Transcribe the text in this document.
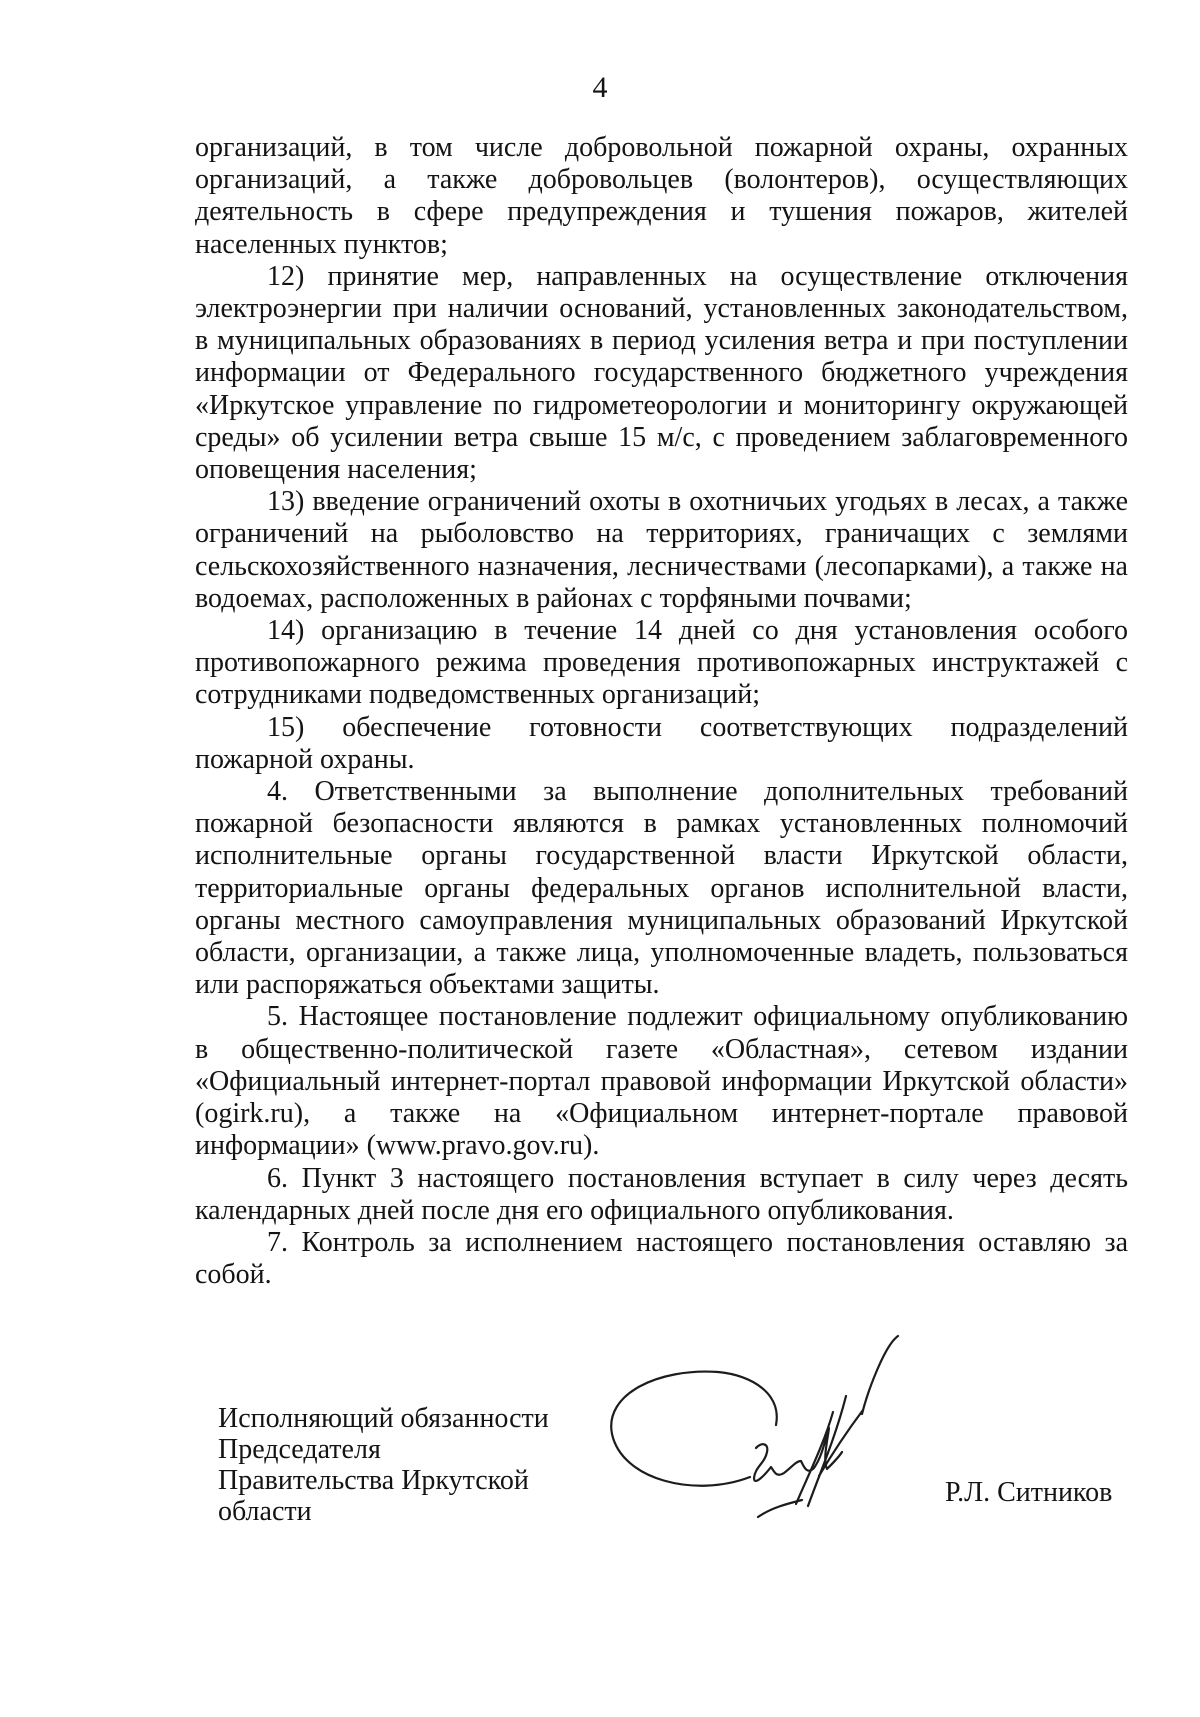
4

организаций, в том числе добровольной пожарной охраны, охранных организаций, а также добровольцев (волонтеров), осуществляющих деятельность в сфере предупреждения и тушения пожаров, жителей населенных пунктов;

12) принятие мер, направленных на осуществление отключения электроэнергии при наличии оснований, установленных законодательством, в муниципальных образованиях в период усиления ветра и при поступлении информации от Федерального государственного бюджетного учреждения «Иркутское управление по гидрометеорологии и мониторингу окружающей среды» об усилении ветра свыше 15 м/с, с проведением заблаговременного оповещения населения;

13) введение ограничений охоты в охотничьих угодьях в лесах, а также ограничений на рыболовство на территориях, граничащих с землями сельскохозяйственного назначения, лесничествами (лесопарками), а также на водоемах, расположенных в районах с торфяными почвами;

14) организацию в течение 14 дней со дня установления особого противопожарного режима проведения противопожарных инструктажей с сотрудниками подведомственных организаций;

15) обеспечение готовности соответствующих подразделений пожарной охраны.

4. Ответственными за выполнение дополнительных требований пожарной безопасности являются в рамках установленных полномочий исполнительные органы государственной власти Иркутской области, территориальные органы федеральных органов исполнительной власти, органы местного самоуправления муниципальных образований Иркутской области, организации, а также лица, уполномоченные владеть, пользоваться или распоряжаться объектами защиты.

5. Настоящее постановление подлежит официальному опубликованию в общественно-политической газете «Областная», сетевом издании «Официальный интернет-портал правовой информации Иркутской области» (ogirk.ru), а также на «Официальном интернет-портале правовой информации» (www.pravo.gov.ru).

6. Пункт 3 настоящего постановления вступает в силу через десять календарных дней после дня его официального опубликования.

7. Контроль за исполнением настоящего постановления оставляю за собой.

Исполняющий обязанности
Председателя
Правительства Иркутской
области
Р.Л. Ситников
